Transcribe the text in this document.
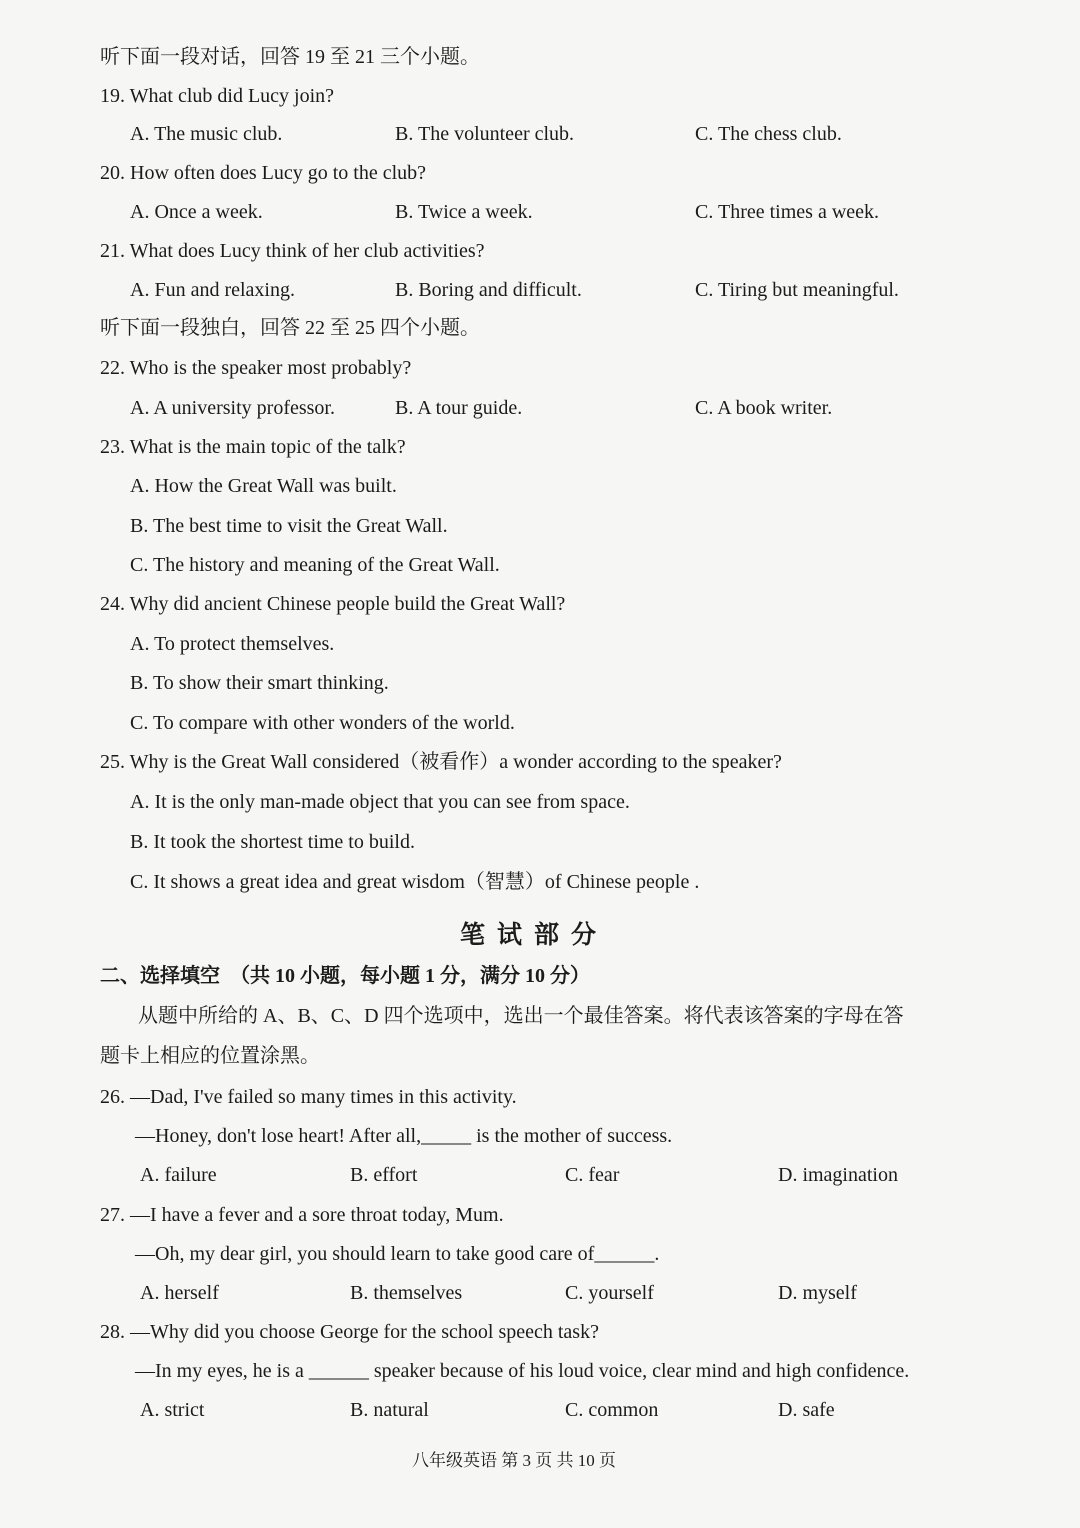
听下面一段对话，回答 19 至 21 三个小题。
19. What club did Lucy join?
A. The music club.	B. The volunteer club.	C. The chess club.
20. How often does Lucy go to the club?
A. Once a week.	B. Twice a week.	C. Three times a week.
21. What does Lucy think of her club activities?
A. Fun and relaxing.	B. Boring and difficult.	C. Tiring but meaningful.
听下面一段独白，回答 22 至 25 四个小题。
22. Who is the speaker most probably?
A. A university professor.	B. A tour guide.	C. A book writer.
23. What is the main topic of the talk?
A. How the Great Wall was built.
B. The best time to visit the Great Wall.
C. The history and meaning of the Great Wall.
24. Why did ancient Chinese people build the Great Wall?
A. To protect themselves.
B. To show their smart thinking.
C. To compare with other wonders of the world.
25. Why is the Great Wall considered（被看作）a wonder according to the speaker?
A. It is the only man-made object that you can see from space.
B. It took the shortest time to build.
C. It shows a great idea and great wisdom（智慧）of Chinese people .
笔试部分
二、选择填空　（共 10 小题，每小题 1 分，满分 10 分）
从题中所给的 A、B、C、D 四个选项中，选出一个最佳答案。将代表该答案的字母在答
题卡上相应的位置涂黑。
26. —Dad, I've failed so many times in this activity.
—Honey, don't lose heart! After all,_____ is the mother of success.
A. failure	B. effort	C. fear	D. imagination
27. —I have a fever and a sore throat today, Mum.
—Oh, my dear girl, you should learn to take good care of______.
A. herself	B. themselves	C. yourself	D. myself
28. —Why did you choose George for the school speech task?
—In my eyes, he is a ______ speaker because of his loud voice, clear mind and high confidence.
A. strict	B. natural	C. common	D. safe
八年级英语 第 3 页 共 10 页
